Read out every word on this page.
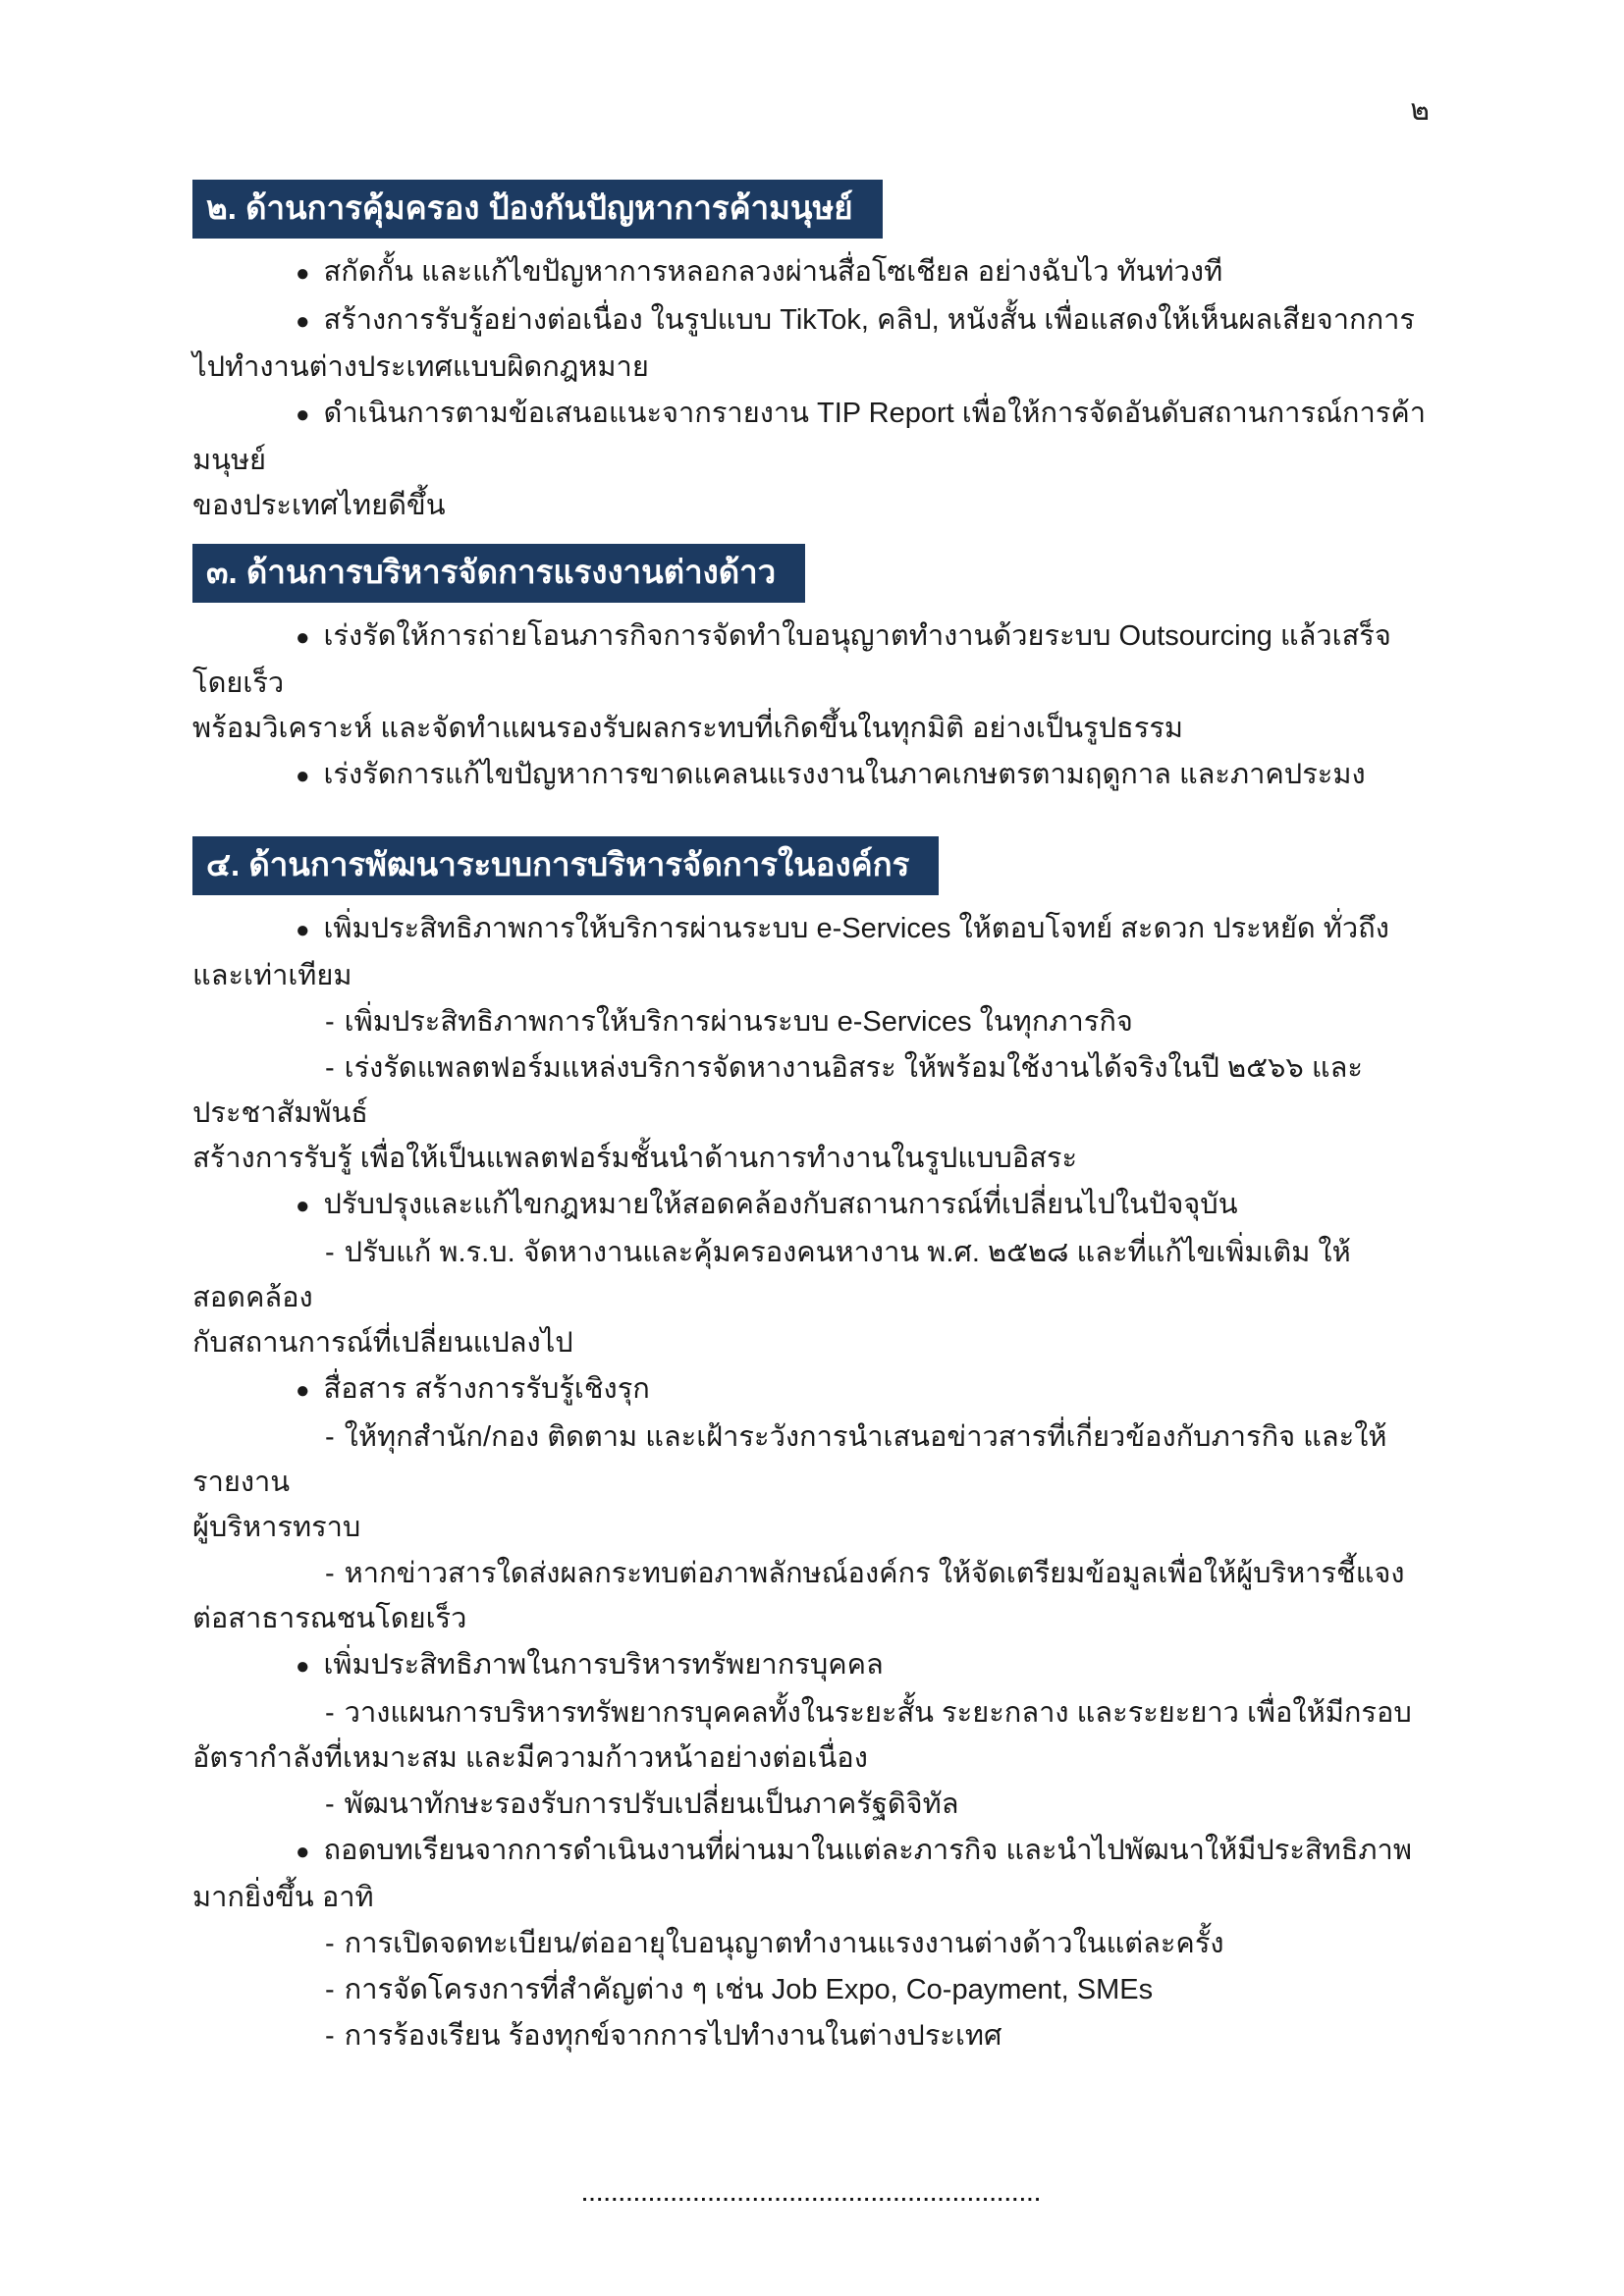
๒
๒. ด้านการคุ้มครอง ป้องกันปัญหาการค้ามนุษย์

● สกัดกั้น และแก้ไขปัญหาการหลอกลวงผ่านสื่อโซเชียล อย่างฉับไว ทันท่วงที

● สร้างการรับรู้อย่างต่อเนื่อง ในรูปแบบ TikTok, คลิป, หนังสั้น เพื่อแสดงให้เห็นผลเสียจากการ
ไปทำงานต่างประเทศแบบผิดกฎหมาย

● ดำเนินการตามข้อเสนอแนะจากรายงาน TIP Report เพื่อให้การจัดอันดับสถานการณ์การค้ามนุษย์
ของประเทศไทยดีขึ้น

๓. ด้านการบริหารจัดการแรงงานต่างด้าว

● เร่งรัดให้การถ่ายโอนภารกิจการจัดทำใบอนุญาตทำงานด้วยระบบ Outsourcing แล้วเสร็จโดยเร็ว
พร้อมวิเคราะห์ และจัดทำแผนรองรับผลกระทบที่เกิดขึ้นในทุกมิติ อย่างเป็นรูปธรรม

● เร่งรัดการแก้ไขปัญหาการขาดแคลนแรงงานในภาคเกษตรตามฤดูกาล และภาคประมง

๔. ด้านการพัฒนาระบบการบริหารจัดการในองค์กร

● เพิ่มประสิทธิภาพการให้บริการผ่านระบบ e-Services ให้ตอบโจทย์ สะดวก ประหยัด ทั่วถึง
และเท่าเทียม

- เพิ่มประสิทธิภาพการให้บริการผ่านระบบ e-Services ในทุกภารกิจ

- เร่งรัดแพลตฟอร์มแหล่งบริการจัดหางานอิสระ ให้พร้อมใช้งานได้จริงในปี ๒๕๖๖ และประชาสัมพันธ์
สร้างการรับรู้ เพื่อให้เป็นแพลตฟอร์มชั้นนำด้านการทำงานในรูปแบบอิสระ

● ปรับปรุงและแก้ไขกฎหมายให้สอดคล้องกับสถานการณ์ที่เปลี่ยนไปในปัจจุบัน

- ปรับแก้ พ.ร.บ. จัดหางานและคุ้มครองคนหางาน พ.ศ. ๒๕๒๘ และที่แก้ไขเพิ่มเติม ให้สอดคล้อง
กับสถานการณ์ที่เปลี่ยนแปลงไป

● สื่อสาร สร้างการรับรู้เชิงรุก

- ให้ทุกสำนัก/กอง ติดตาม และเฝ้าระวังการนำเสนอข่าวสารที่เกี่ยวข้องกับภารกิจ และให้รายงาน
ผู้บริหารทราบ

- หากข่าวสารใดส่งผลกระทบต่อภาพลักษณ์องค์กร ให้จัดเตรียมข้อมูลเพื่อให้ผู้บริหารชี้แจง
ต่อสาธารณชนโดยเร็ว

● เพิ่มประสิทธิภาพในการบริหารทรัพยากรบุคคล

- วางแผนการบริหารทรัพยากรบุคคลทั้งในระยะสั้น ระยะกลาง และระยะยาว เพื่อให้มีกรอบ
อัตรากำลังที่เหมาะสม และมีความก้าวหน้าอย่างต่อเนื่อง

- พัฒนาทักษะรองรับการปรับเปลี่ยนเป็นภาครัฐดิจิทัล

● ถอดบทเรียนจากการดำเนินงานที่ผ่านมาในแต่ละภารกิจ และนำไปพัฒนาให้มีประสิทธิภาพ
มากยิ่งขึ้น อาทิ

- การเปิดจดทะเบียน/ต่ออายุใบอนุญาตทำงานแรงงานต่างด้าวในแต่ละครั้ง

- การจัดโครงการที่สำคัญต่าง ๆ เช่น Job Expo, Co-payment, SMEs

- การร้องเรียน ร้องทุกข์จากการไปทำงานในต่างประเทศ

..............................................................
